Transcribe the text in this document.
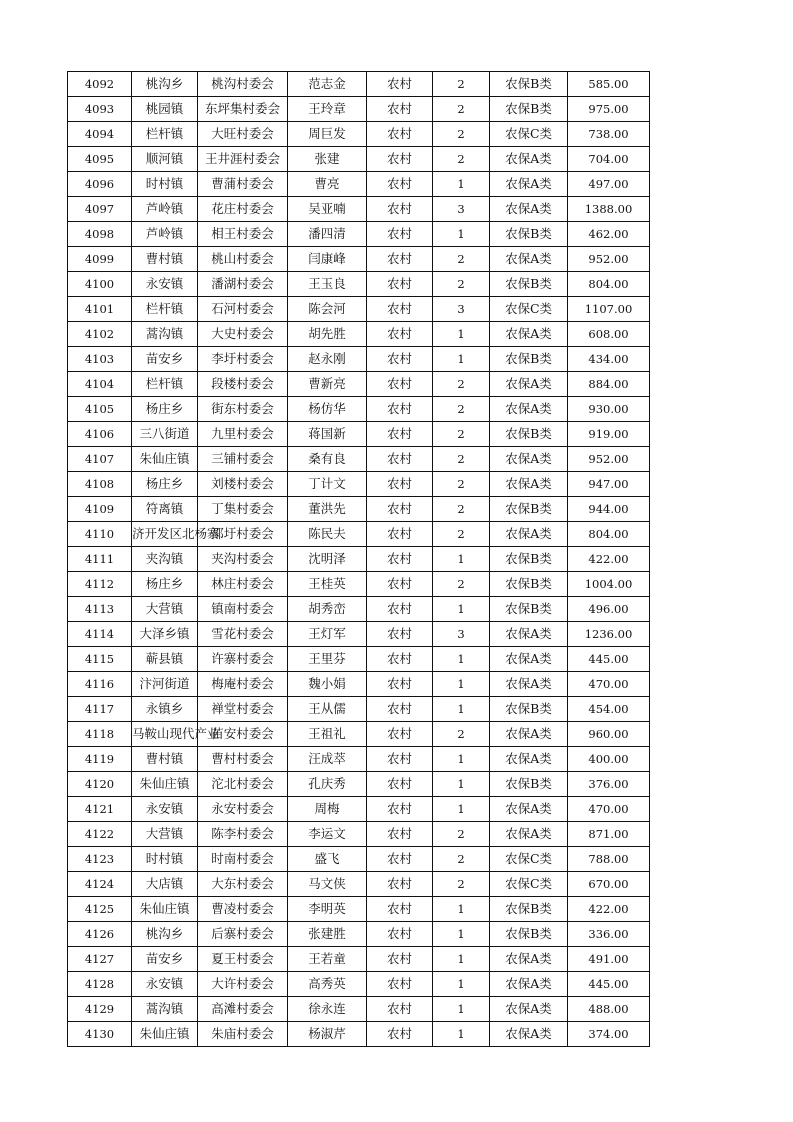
4092	桃沟乡	桃沟村委会	范志金	农村	2	农保B类	585.00
4093	桃园镇	东坪集村委会	王玲章	农村	2	农保B类	975.00
4094	栏杆镇	大旺村委会	周巨发	农村	2	农保C类	738.00
4095	顺河镇	王井涯村委会	张建	农村	2	农保A类	704.00
4096	时村镇	曹蒲村委会	曹亮	农村	1	农保A类	497.00
4097	芦岭镇	花庄村委会	吴亚喃	农村	3	农保A类	1388.00
4098	芦岭镇	相王村委会	潘四清	农村	1	农保B类	462.00
4099	曹村镇	桃山村委会	闫康峰	农村	2	农保A类	952.00
4100	永安镇	潘湖村委会	王玉良	农村	2	农保B类	804.00
4101	栏杆镇	石河村委会	陈会河	农村	3	农保C类	1107.00
4102	蒿沟镇	大史村委会	胡先胜	农村	1	农保A类	608.00
4103	苗安乡	李圩村委会	赵永刚	农村	1	农保B类	434.00
4104	栏杆镇	段楼村委会	曹新亮	农村	2	农保A类	884.00
4105	杨庄乡	街东村委会	杨仿华	农村	2	农保A类	930.00
4106	三八街道	九里村委会	蒋国新	农村	2	农保B类	919.00
4107	朱仙庄镇	三铺村委会	桑有良	农村	2	农保A类	952.00
4108	杨庄乡	刘楼村委会	丁计文	农村	2	农保A类	947.00
4109	符离镇	丁集村委会	董洪先	农村	2	农保B类	944.00
4110	济开发区北杨寨	邵圩村委会	陈民夫	农村	2	农保A类	804.00
4111	夹沟镇	夹沟村委会	沈明泽	农村	1	农保B类	422.00
4112	杨庄乡	林庄村委会	王桂英	农村	2	农保B类	1004.00
4113	大营镇	镇南村委会	胡秀峦	农村	1	农保B类	496.00
4114	大泽乡镇	雪花村委会	王灯军	农村	3	农保A类	1236.00
4115	蕲县镇	许寨村委会	王里芬	农村	1	农保A类	445.00
4116	汴河街道	梅庵村委会	魏小娟	农村	1	农保A类	470.00
4117	永镇乡	禅堂村委会	王从儒	农村	1	农保B类	454.00
4118	马鞍山现代产业	苗安村委会	王祖礼	农村	2	农保A类	960.00
4119	曹村镇	曹村村委会	汪成萃	农村	1	农保A类	400.00
4120	朱仙庄镇	沱北村委会	孔庆秀	农村	1	农保B类	376.00
4121	永安镇	永安村委会	周梅	农村	1	农保A类	470.00
4122	大营镇	陈李村委会	李运文	农村	2	农保A类	871.00
4123	时村镇	时南村委会	盛飞	农村	2	农保C类	788.00
4124	大店镇	大东村委会	马文侠	农村	2	农保C类	670.00
4125	朱仙庄镇	曹凌村委会	李明英	农村	1	农保B类	422.00
4126	桃沟乡	后寨村委会	张建胜	农村	1	农保B类	336.00
4127	苗安乡	夏王村委会	王若童	农村	1	农保A类	491.00
4128	永安镇	大许村委会	高秀英	农村	1	农保A类	445.00
4129	蒿沟镇	高滩村委会	徐永连	农村	1	农保A类	488.00
4130	朱仙庄镇	朱庙村委会	杨淑芹	农村	1	农保A类	374.00
